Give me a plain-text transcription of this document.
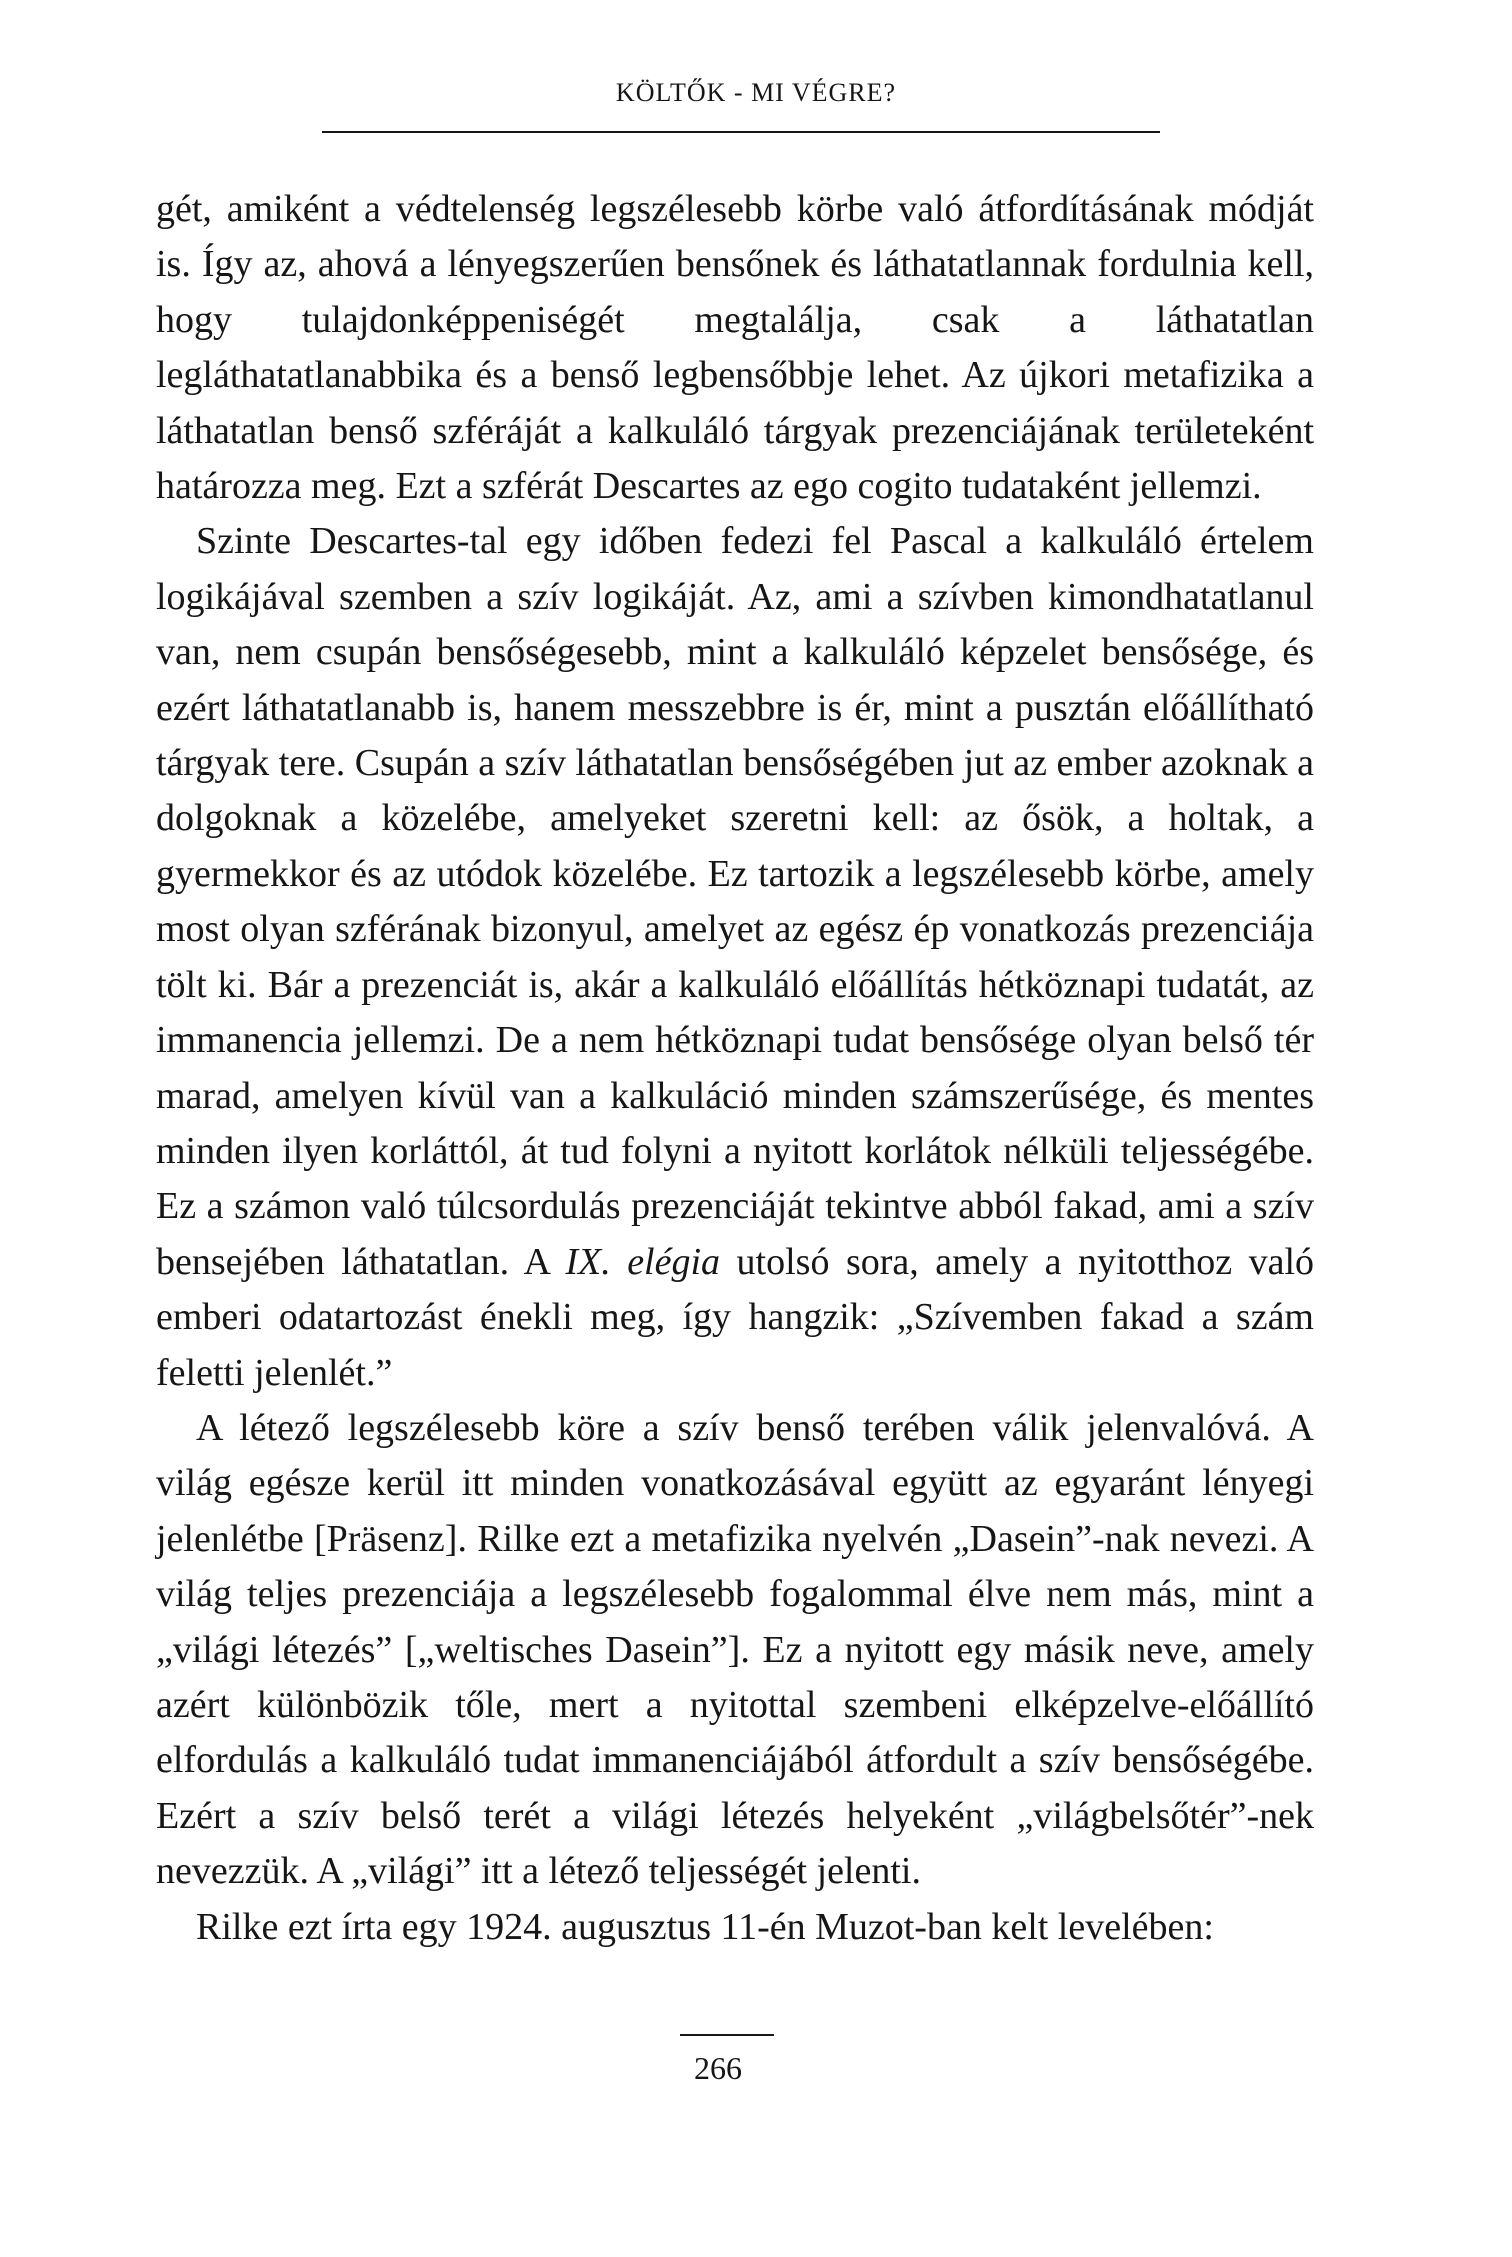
KÖLTŐK - MI VÉGRE?

gét, amiként a védtelenség legszélesebb körbe való átfordításának módját is. Így az, ahová a lényegszerűen bensőnek és láthatatlannak fordulnia kell, hogy tulajdonképpeniségét megtalálja, csak a láthatatlan legláthatatlanabbika és a benső legbensőbbje lehet. Az újkori metafizika a láthatatlan benső szféráját a kalkuláló tárgyak prezenciájának területeként határozza meg. Ezt a szférát Descartes az ego cogito tudataként jellemzi.

Szinte Descartes-tal egy időben fedezi fel Pascal a kalkuláló értelem logikájával szemben a szív logikáját. Az, ami a szívben kimondhatatlanul van, nem csupán bensőségesebb, mint a kalkuláló képzelet bensősége, és ezért láthatatlanabb is, hanem messzebbre is ér, mint a pusztán előállítható tárgyak tere. Csupán a szív láthatatlan bensőségében jut az ember azoknak a dolgoknak a közelébe, amelyeket szeretni kell: az ősök, a holtak, a gyermekkor és az utódok közelébe. Ez tartozik a legszélesebb körbe, amely most olyan szférának bizonyul, amelyet az egész ép vonatkozás prezenciája tölt ki. Bár a prezenciát is, akár a kalkuláló előállítás hétköznapi tudatát, az immanencia jellemzi. De a nem hétköznapi tudat bensősége olyan belső tér marad, amelyen kívül van a kalkuláció minden számszerűsége, és mentes minden ilyen korláttól, át tud folyni a nyitott korlátok nélküli teljességébe. Ez a számon való túlcsordulás prezenciáját tekintve abból fakad, ami a szív bensejében láthatatlan. A IX. elégia utolsó sora, amely a nyitotthoz való emberi odatartozást énekli meg, így hangzik: „Szívemben fakad a szám feletti jelenlét.”

A létező legszélesebb köre a szív benső terében válik jelenvalóvá. A világ egésze kerül itt minden vonatkozásával együtt az egyaránt lényegi jelenlétbe [Präsenz]. Rilke ezt a metafizika nyelvén „Dasein”-nak nevezi. A világ teljes prezenciája a legszélesebb fogalommal élve nem más, mint a „világi létezés” [„weltisches Dasein”]. Ez a nyitott egy másik neve, amely azért különbözik tőle, mert a nyitottal szembeni elképzelve-előállító elfordulás a kalkuláló tudat immanenciájából átfordult a szív bensőségébe. Ezért a szív belső terét a világi létezés helyeként „világbelsőtér”-nek nevezzük. A „világi” itt a létező teljességét jelenti.

Rilke ezt írta egy 1924. augusztus 11-én Muzot-ban kelt levelében:

266
